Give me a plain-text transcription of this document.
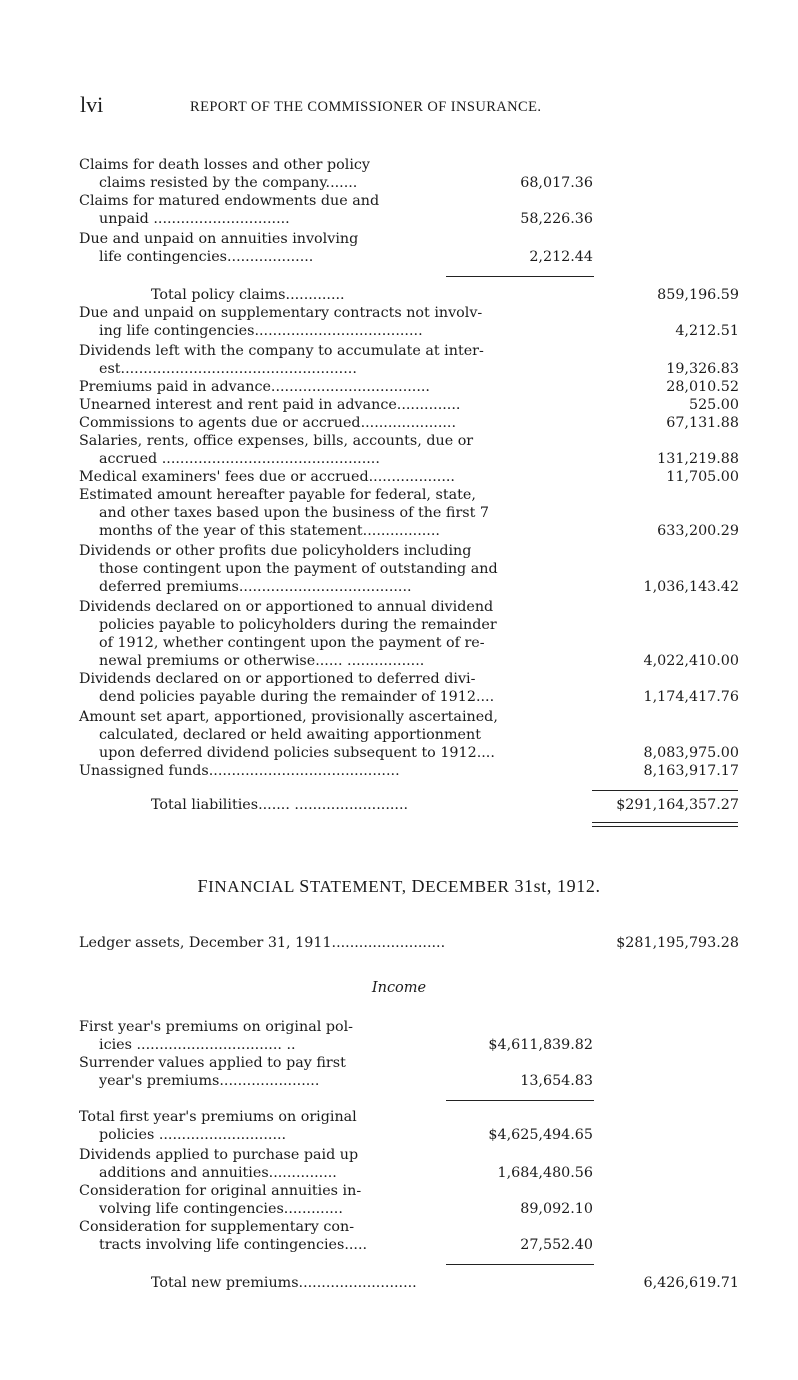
lvi	REPORT OF THE COMMISSIONER OF INSURANCE.
Claims for death losses and other policy
claims resisted by the company.......	68,017.36
Claims for matured endowments due and
unpaid ..............................	58,226.36
Due and unpaid on annuities involving
life contingencies...................	2,212.44
Total policy claims.............	859,196.59
Due and unpaid on supplementary contracts not involv-
ing life contingencies.....................................	4,212.51
Dividends left with the company to accumulate at inter-
est....................................................	19,326.83
Premiums paid in advance...................................	28,010.52
Unearned interest and rent paid in advance..............	525.00
Commissions to agents due or accrued.....................	67,131.88
Salaries, rents, office expenses, bills, accounts, due or
accrued ................................................	131,219.88
Medical examiners' fees due or accrued...................	11,705.00
Estimated amount hereafter payable for federal, state,
and other taxes based upon the business of the first 7
months of the year of this statement.................	633,200.29
Dividends or other profits due policyholders including
those contingent upon the payment of outstanding and
deferred premiums......................................	1,036,143.42
Dividends declared on or apportioned to annual dividend
policies payable to policyholders during the remainder
of 1912, whether contingent upon the payment of re-
newal premiums or otherwise...... .................	4,022,410.00
Dividends declared on or apportioned to deferred divi-
dend policies payable during the remainder of 1912....	1,174,417.76
Amount set apart, apportioned, provisionally ascertained,
calculated, declared or held awaiting apportionment
upon deferred dividend policies subsequent to 1912....	8,083,975.00
Unassigned funds..........................................	8,163,917.17
Total liabilities....... .........................	$291,164,357.27
FINANCIAL STATEMENT, DECEMBER 31st, 1912.
Ledger assets, December 31, 1911.........................	$281,195,793.28
Income
First year's premiums on original pol-
icies ................................ ..	$4,611,839.82
Surrender values applied to pay first
year's premiums......................	13,654.83
Total first year's premiums on original
policies ............................	$4,625,494.65
Dividends applied to purchase paid up
additions and annuities...............	1,684,480.56
Consideration for original annuities in-
volving life contingencies.............	89,092.10
Consideration for supplementary con-
tracts involving life contingencies.....	27,552.40
Total new premiums..........................	6,426,619.71
